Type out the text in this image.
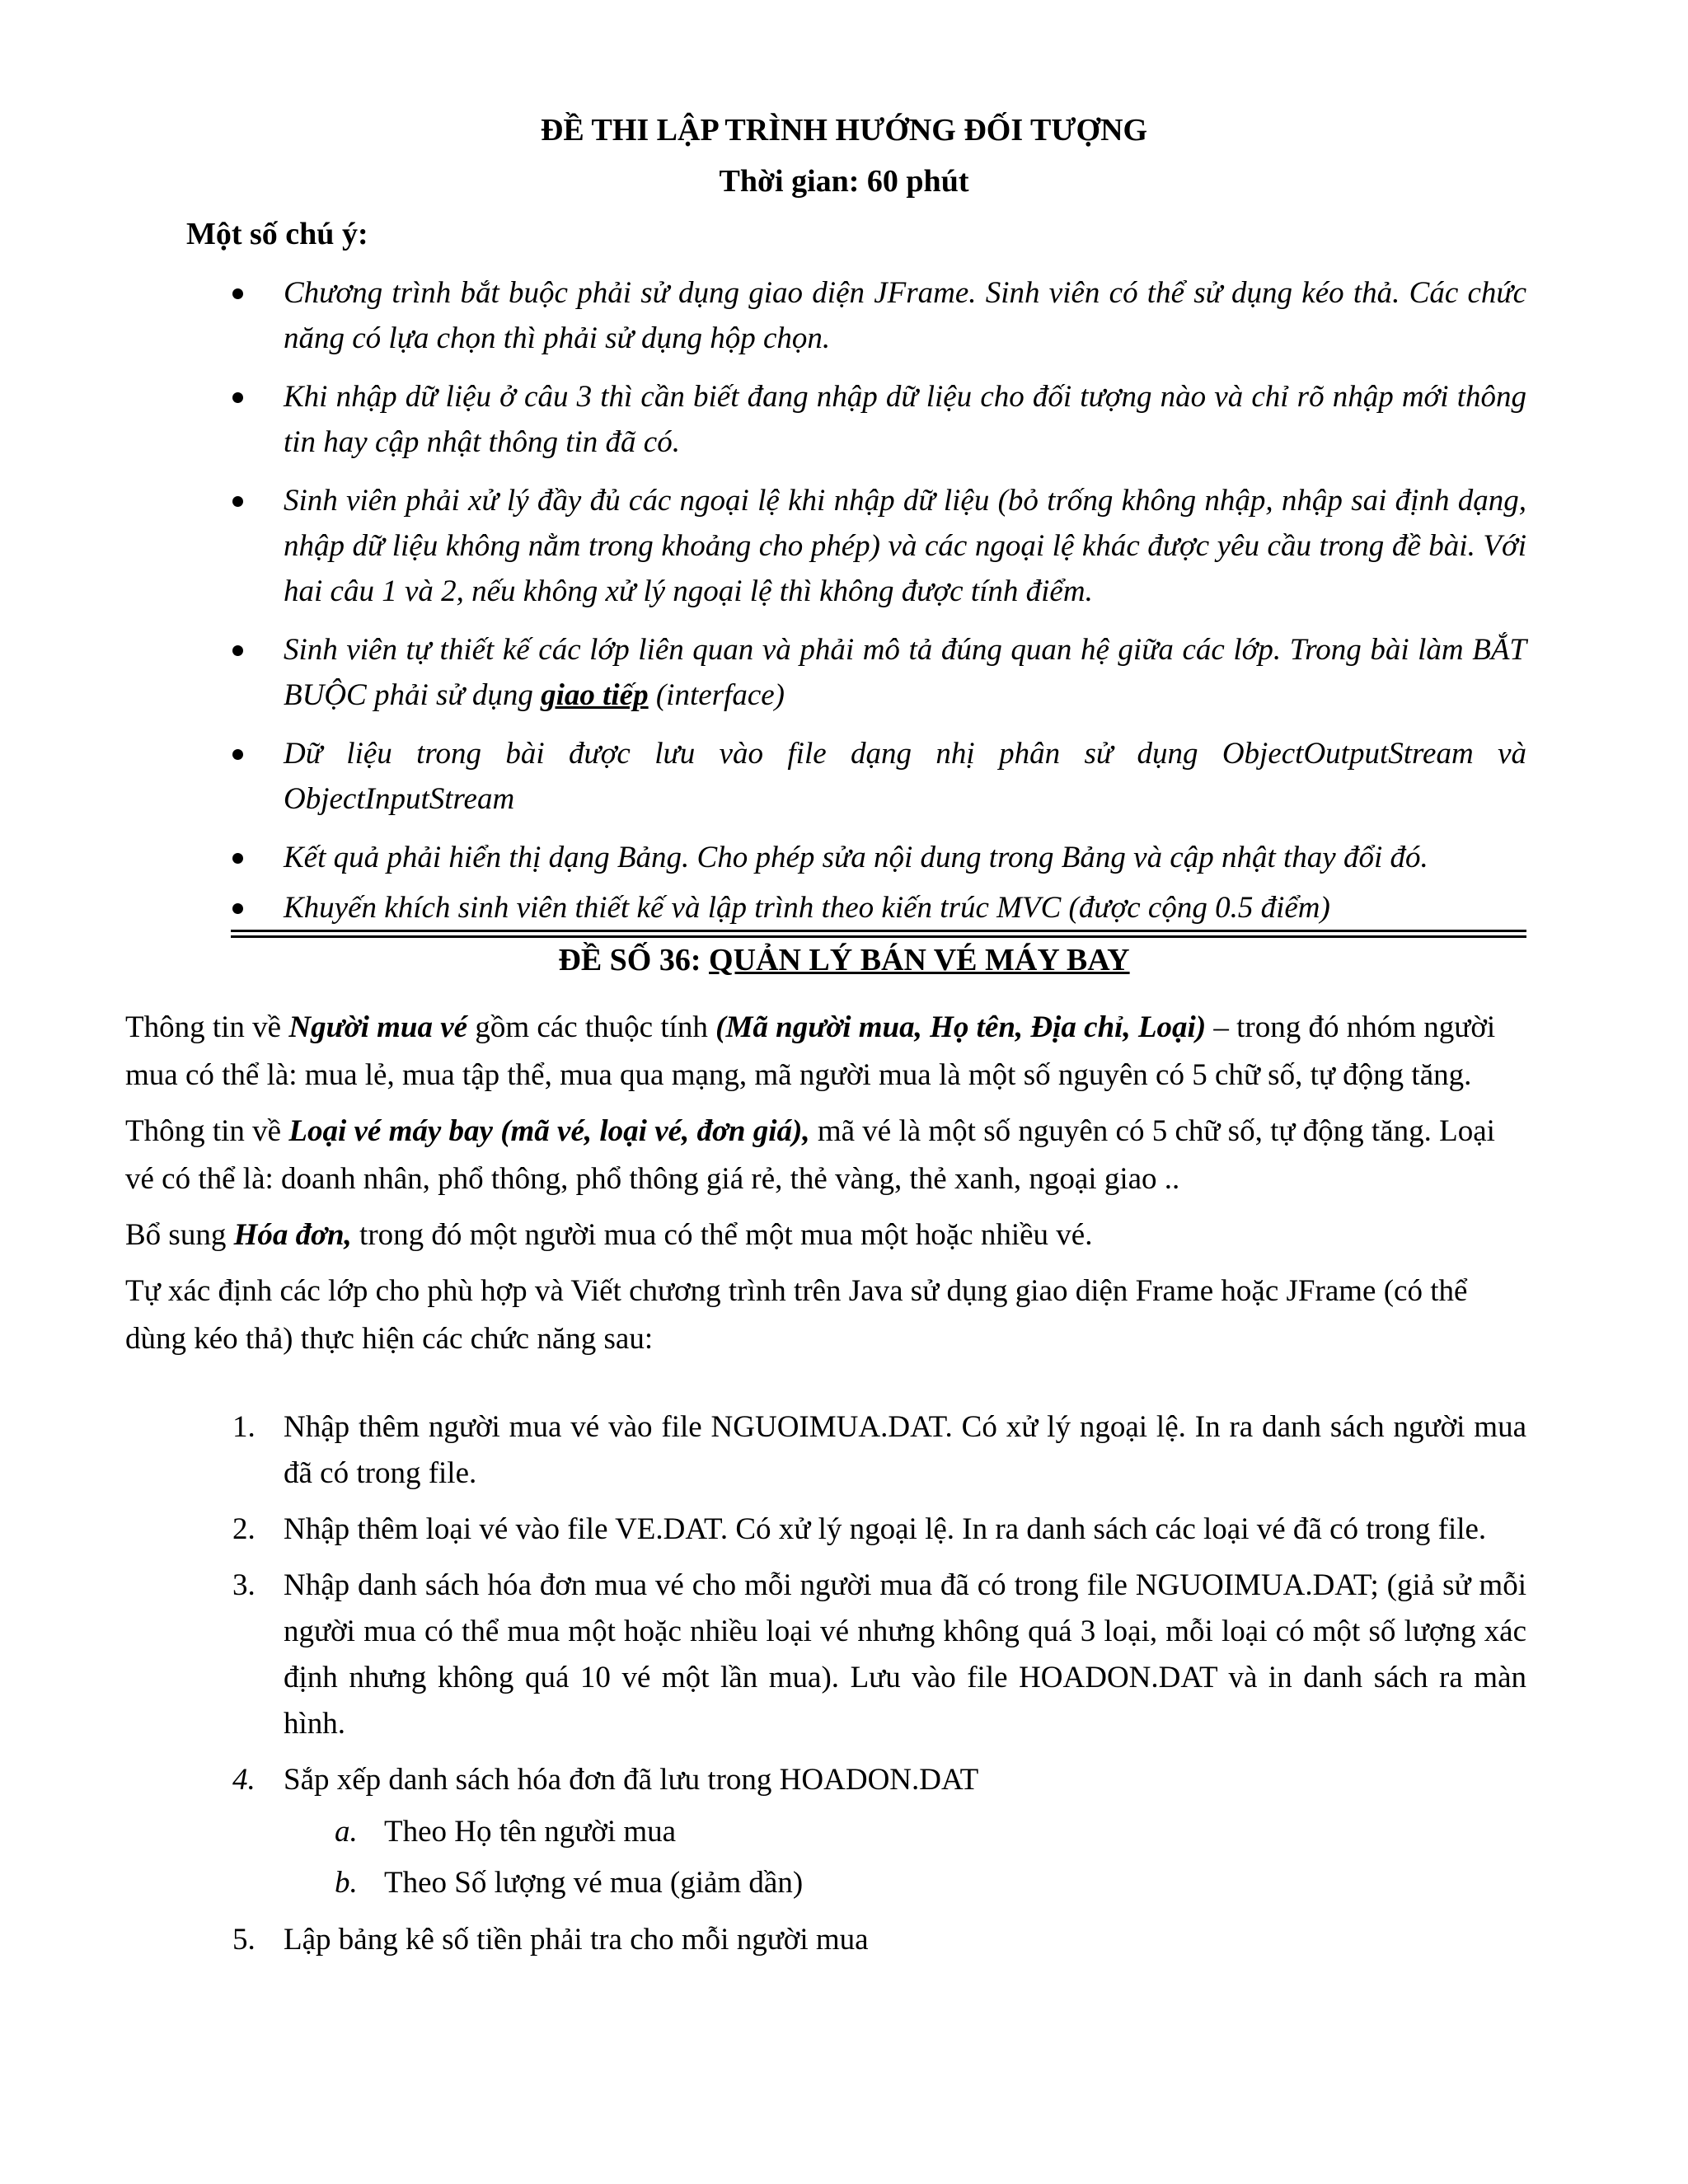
ĐỀ THI LẬP TRÌNH HƯỚNG ĐỐI TƯỢNG
Thời gian: 60 phút
Một số chú ý:
Chương trình bắt buộc phải sử dụng giao diện JFrame. Sinh viên có thể sử dụng kéo thả. Các chức năng có lựa chọn thì phải sử dụng hộp chọn.
Khi nhập dữ liệu ở câu 3 thì cần biết đang nhập dữ liệu cho đối tượng nào và chỉ rõ nhập mới thông tin hay cập nhật thông tin đã có.
Sinh viên phải xử lý đầy đủ các ngoại lệ khi nhập dữ liệu (bỏ trống không nhập, nhập sai định dạng, nhập dữ liệu không nằm trong khoảng cho phép) và các ngoại lệ khác được yêu cầu trong đề bài. Với hai câu 1 và 2, nếu không xử lý ngoại lệ thì không được tính điểm.
Sinh viên tự thiết kế các lớp liên quan và phải mô tả đúng quan hệ giữa các lớp. Trong bài làm BẮT BUỘC phải sử dụng giao tiếp (interface)
Dữ liệu trong bài được lưu vào file dạng nhị phân sử dụng ObjectOutputStream và ObjectInputStream
Kết quả phải hiển thị dạng Bảng. Cho phép sửa nội dung trong Bảng và cập nhật thay đổi đó.
Khuyến khích sinh viên thiết kế và lập trình theo kiến trúc MVC (được cộng 0.5 điểm)
ĐỀ SỐ 36: QUẢN LÝ BÁN VÉ MÁY BAY

Thông tin về Người mua vé gồm các thuộc tính (Mã người mua, Họ tên, Địa chỉ, Loại) – trong đó nhóm người mua có thể là: mua lẻ, mua tập thể, mua qua mạng, mã người mua là một số nguyên có 5 chữ số, tự động tăng.

Thông tin về Loại vé máy bay (mã vé, loại vé, đơn giá), mã vé là một số nguyên có 5 chữ số, tự động tăng. Loại vé có thể là: doanh nhân, phổ thông, phổ thông giá rẻ, thẻ vàng, thẻ xanh, ngoại giao ..

Bổ sung Hóa đơn, trong đó một người mua có thể một mua một hoặc nhiều vé.

Tự xác định các lớp cho phù hợp và Viết chương trình trên Java sử dụng giao diện Frame hoặc JFrame (có thể dùng kéo thả) thực hiện các chức năng sau:

1. Nhập thêm người mua vé vào file NGUOIMUA.DAT. Có xử lý ngoại lệ. In ra danh sách người mua đã có trong file.
2. Nhập thêm loại vé vào file VE.DAT. Có xử lý ngoại lệ. In ra danh sách các loại vé đã có trong file.
3. Nhập danh sách hóa đơn mua vé cho mỗi người mua đã có trong file NGUOIMUA.DAT; (giả sử mỗi người mua có thể mua một hoặc nhiều loại vé nhưng không quá 3 loại, mỗi loại có một số lượng xác định nhưng không quá 10 vé một lần mua). Lưu vào file HOADON.DAT và in danh sách ra màn hình.
4. Sắp xếp danh sách hóa đơn đã lưu trong HOADON.DAT
a. Theo Họ tên người mua
b. Theo Số lượng vé mua (giảm dần)
5. Lập bảng kê số tiền phải tra cho mỗi người mua
